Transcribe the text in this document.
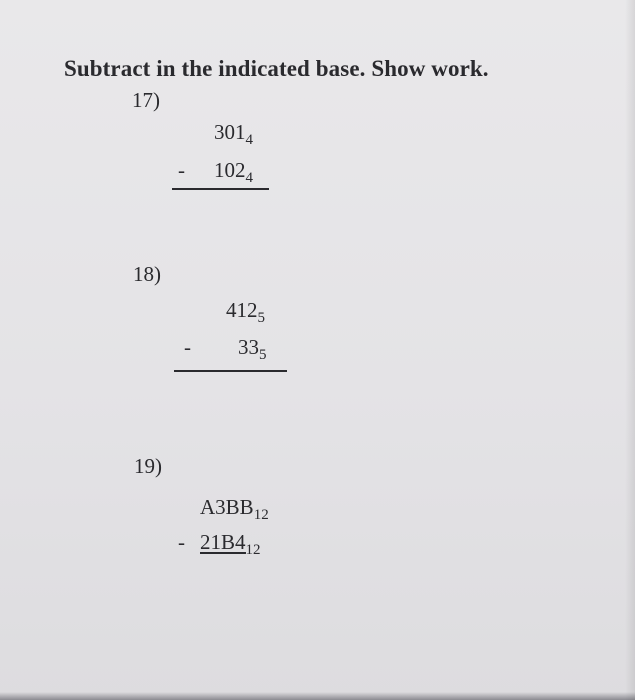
Subtract in the indicated base. Show work.

17)

$301_4$
- $102_4$

18)

$412_5$
- $33_5$

19)

$A3BB_{12}$
- $21B4_{12}$
